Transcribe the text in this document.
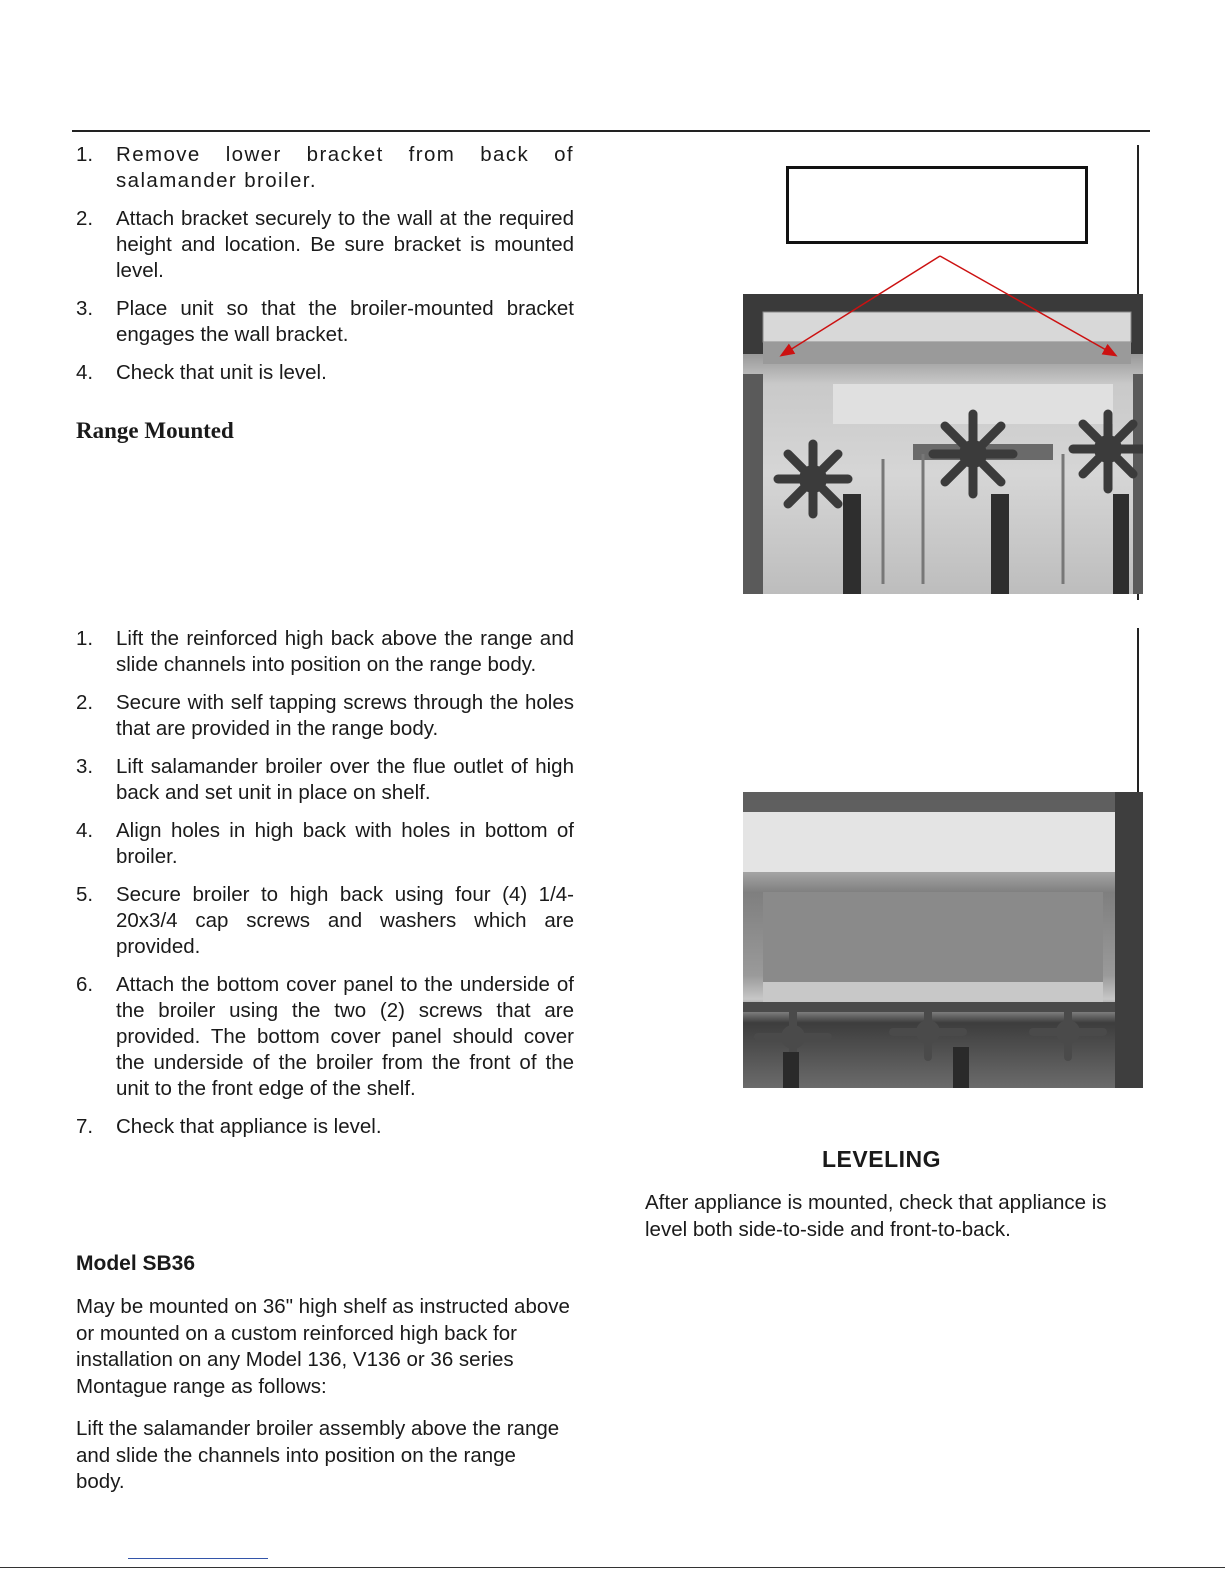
1. Remove lower bracket from back of salamander broiler.
2. Attach bracket securely to the wall at the required height and location. Be sure bracket is mounted level.
3. Place unit so that the broiler-mounted bracket engages the wall bracket.
4. Check that unit is level.
Range Mounted
1. Lift the reinforced high back above the range and slide channels into position on the range body.
2. Secure with self tapping screws through the holes that are provided in the range body.
3. Lift salamander broiler over the flue outlet of high back and set unit in place on shelf.
4. Align holes in high back with holes in bottom of broiler.
5. Secure broiler to high back using four (4) 1/4-20x3/4 cap screws and washers which are provided.
6. Attach the bottom cover panel to the underside of the broiler using the two (2) screws that are provided. The bottom cover panel should cover the underside of the broiler from the front of the unit to the front edge of the shelf.
7. Check that appliance is level.
Model SB36
May be mounted on 36" high shelf as instructed above or mounted on a custom reinforced high back for installation on any Model 136, V136 or 36 series Montague range as follows:
Lift the salamander broiler assembly above the range and slide the channels into position on the range body.
LEVELING
After appliance is mounted, check that appliance is level both side-to-side and front-to-back.
